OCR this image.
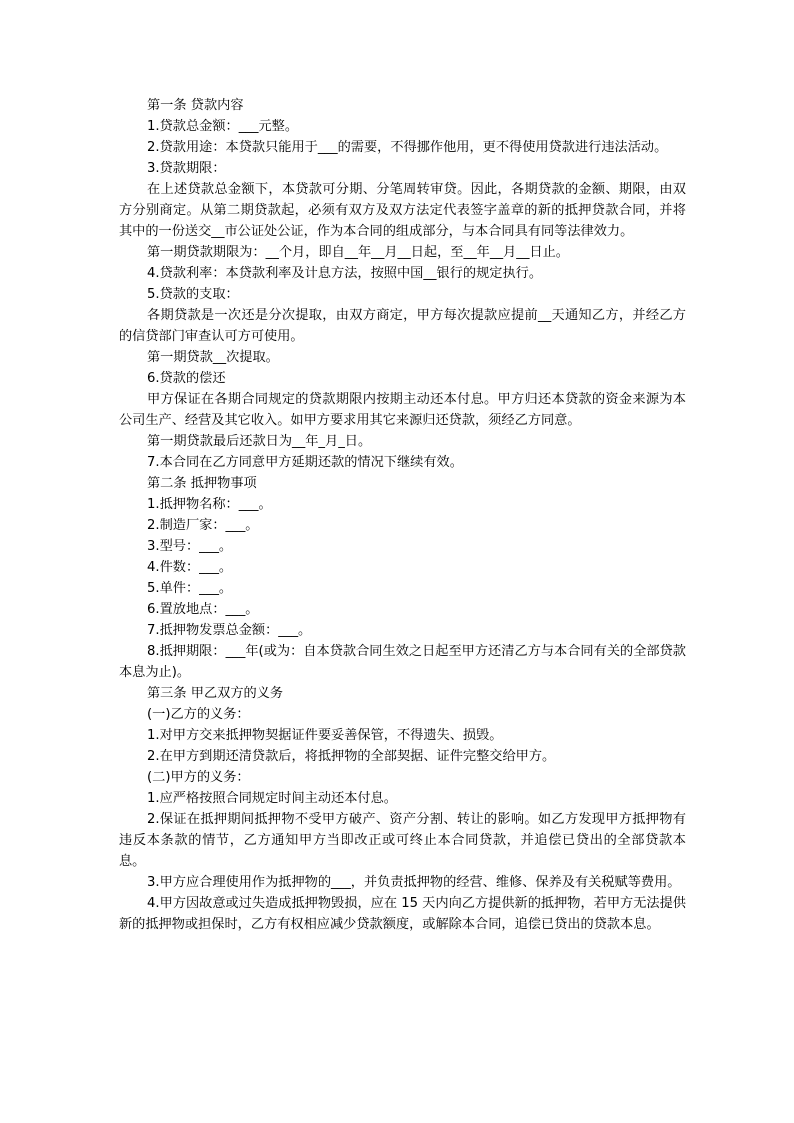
第一条 贷款内容

1.贷款总金额：___元整。

2.贷款用途：本贷款只能用于___的需要，不得挪作他用，更不得使用贷款进行违法活动。

3.贷款期限：

在上述贷款总金额下，本贷款可分期、分笔周转审贷。因此，各期贷款的金额、期限，由双方分别商定。从第二期贷款起，必须有双方及双方法定代表签字盖章的新的抵押贷款合同，并将其中的一份送交__市公证处公证，作为本合同的组成部分，与本合同具有同等法律效力。

第一期贷款期限为：__个月，即自__年__月__日起，至__年__月__日止。

4.贷款利率：本贷款利率及计息方法，按照中国__银行的规定执行。

5.贷款的支取：

各期贷款是一次还是分次提取，由双方商定，甲方每次提款应提前__天通知乙方，并经乙方的信贷部门审查认可方可使用。

第一期贷款__次提取。

6.贷款的偿还

甲方保证在各期合同规定的贷款期限内按期主动还本付息。甲方归还本贷款的资金来源为本公司生产、经营及其它收入。如甲方要求用其它来源归还贷款，须经乙方同意。

第一期贷款最后还款日为__年_月_日。

7.本合同在乙方同意甲方延期还款的情况下继续有效。

第二条 抵押物事项

1.抵押物名称：___。

2.制造厂家：___。

3.型号：___。

4.件数：___。

5.单件：___。

6.置放地点：___。

7.抵押物发票总金额：___。

8.抵押期限：___年(或为：自本贷款合同生效之日起至甲方还清乙方与本合同有关的全部贷款本息为止)。

第三条 甲乙双方的义务

(一)乙方的义务：

1.对甲方交来抵押物契据证件要妥善保管，不得遗失、损毁。

2.在甲方到期还清贷款后，将抵押物的全部契据、证件完整交给甲方。

(二)甲方的义务：

1.应严格按照合同规定时间主动还本付息。

2.保证在抵押期间抵押物不受甲方破产、资产分割、转让的影响。如乙方发现甲方抵押物有违反本条款的情节，乙方通知甲方当即改正或可终止本合同贷款，并追偿已贷出的全部贷款本息。

3.甲方应合理使用作为抵押物的___，并负责抵押物的经营、维修、保养及有关税赋等费用。

4.甲方因故意或过失造成抵押物毁损，应在 15 天内向乙方提供新的抵押物，若甲方无法提供新的抵押物或担保时，乙方有权相应减少贷款额度，或解除本合同，追偿已贷出的贷款本息。
